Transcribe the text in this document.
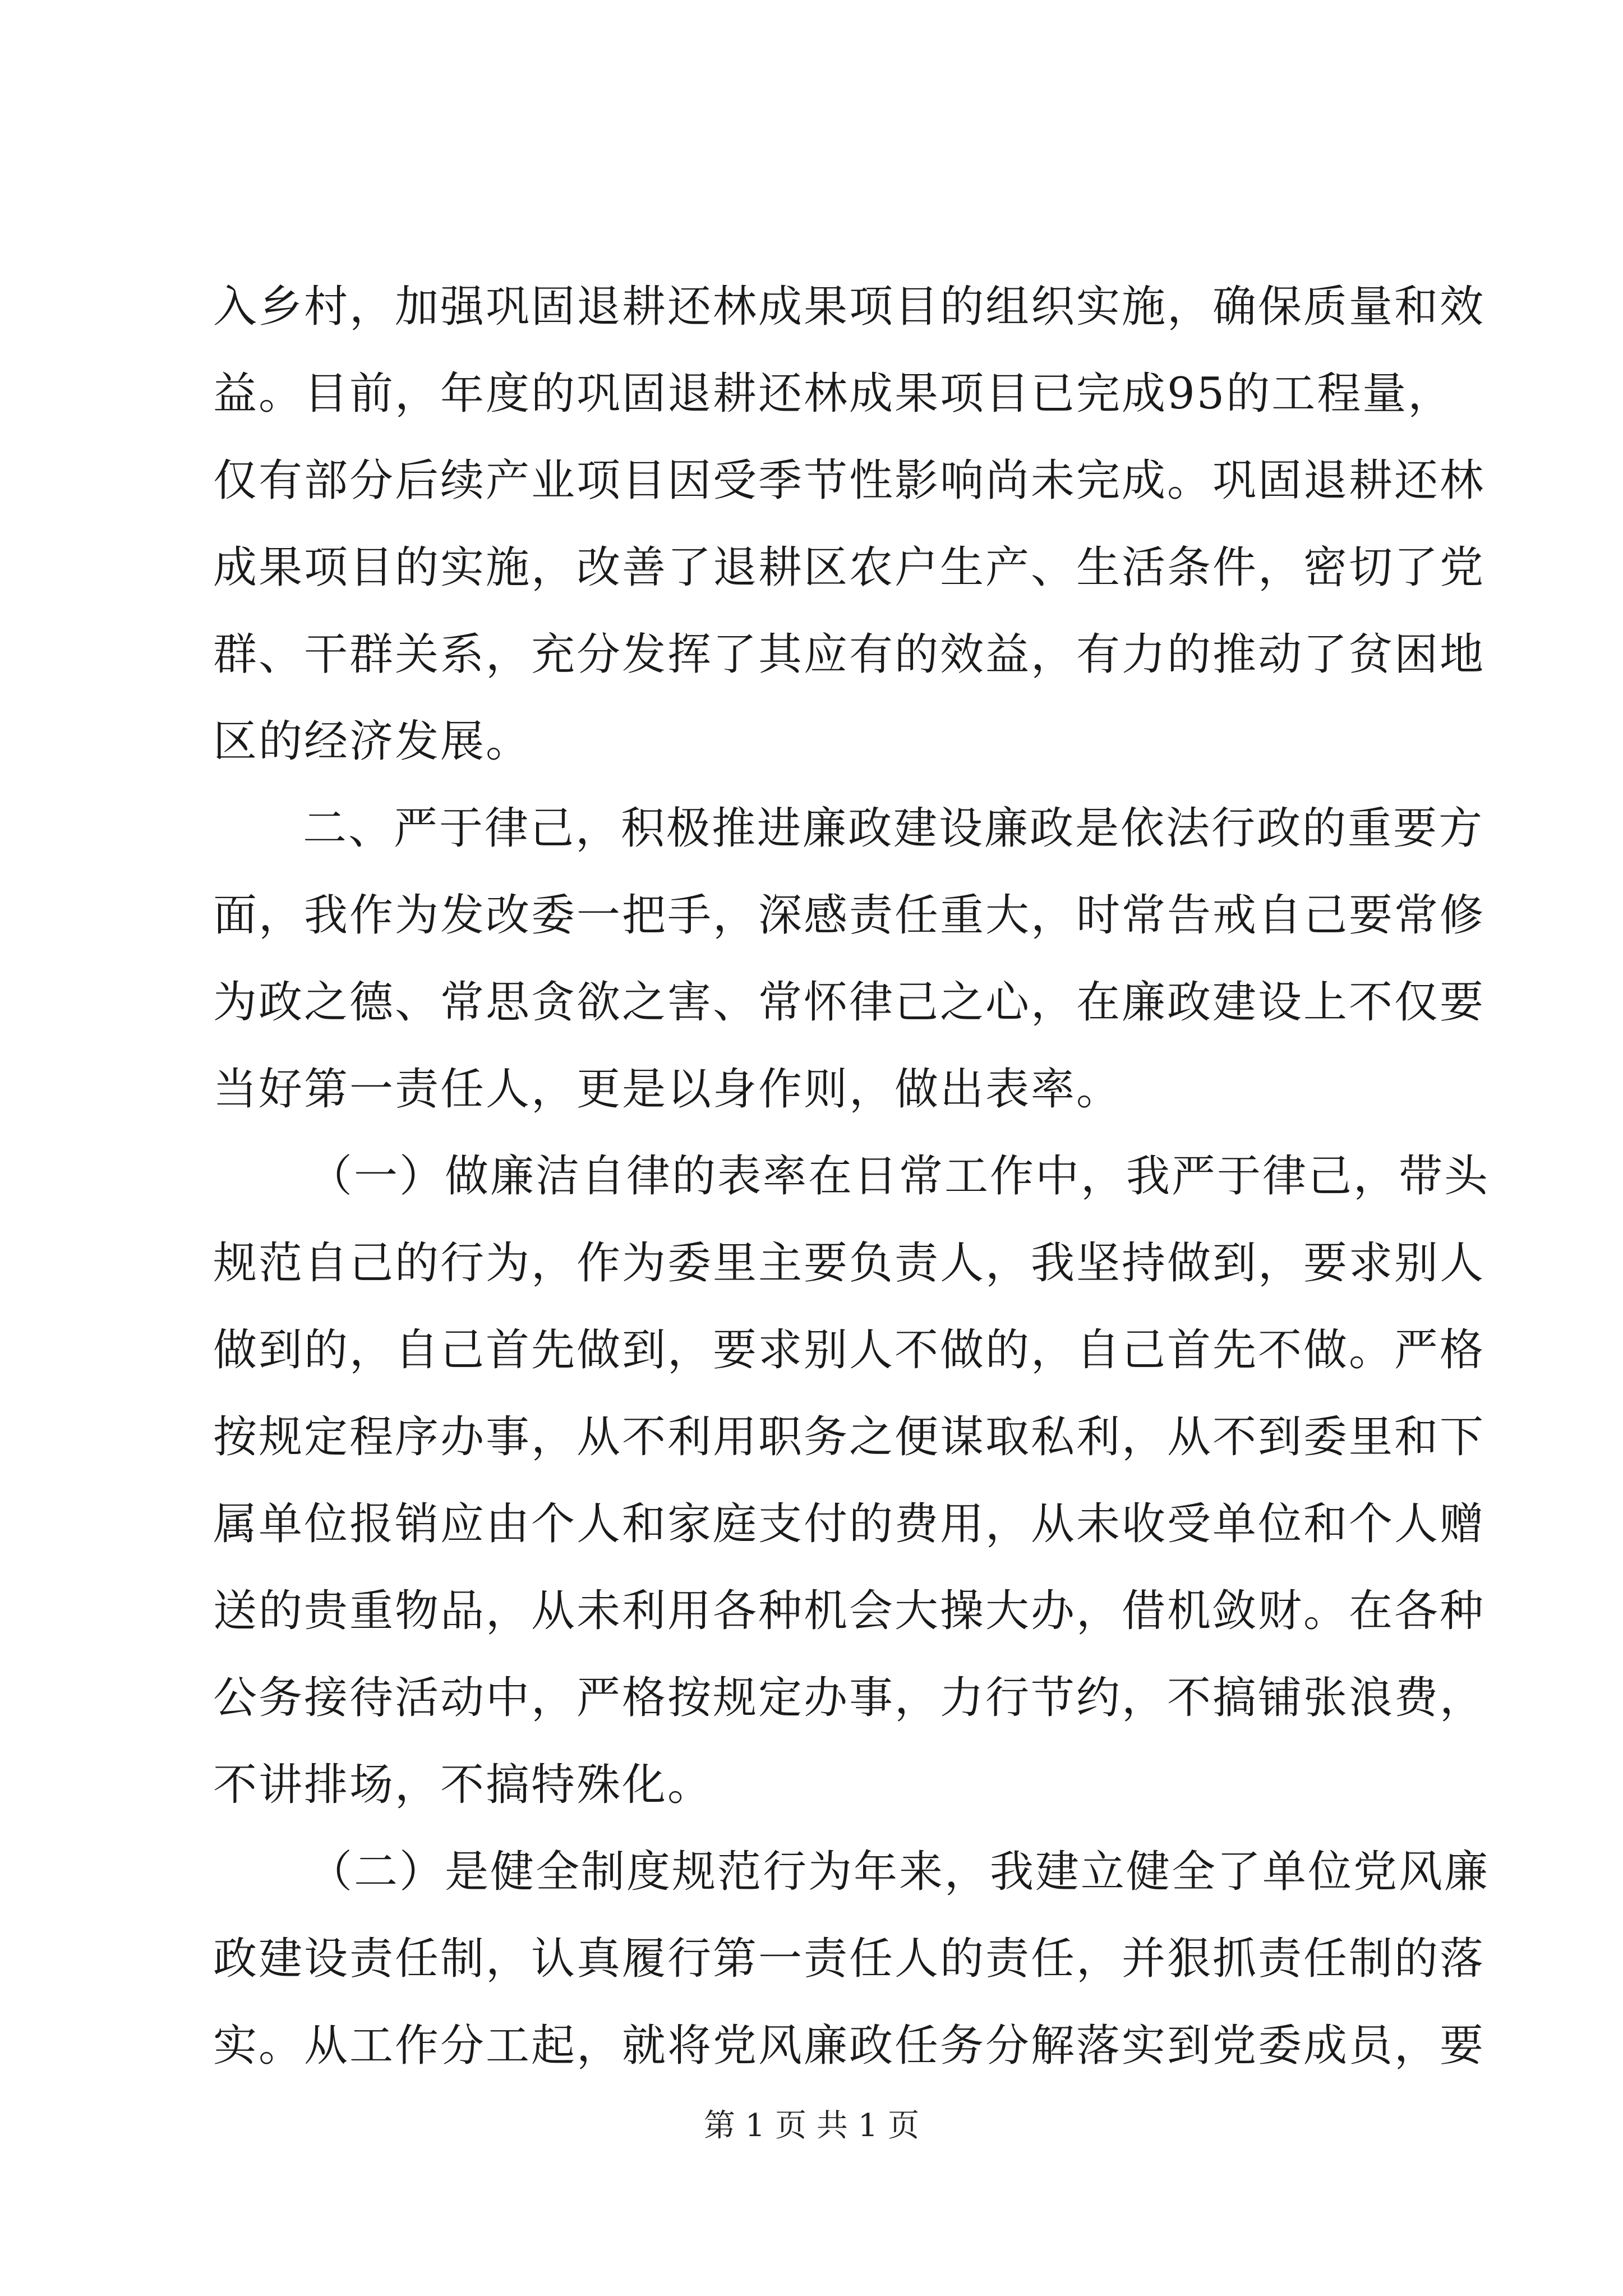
入乡村，加强巩固退耕还林成果项目的组织实施，确保质量和效
益。目前，年度的巩固退耕还林成果项目已完成95的工程量，
仅有部分后续产业项目因受季节性影响尚未完成。巩固退耕还林
成果项目的实施，改善了退耕区农户生产、生活条件，密切了党
群、干群关系，充分发挥了其应有的效益，有力的推动了贫困地
区的经济发展。
二、严于律己，积极推进廉政建设廉政是依法行政的重要方
面，我作为发改委一把手，深感责任重大，时常告戒自己要常修
为政之德、常思贪欲之害、常怀律己之心，在廉政建设上不仅要
当好第一责任人，更是以身作则，做出表率。
（一）做廉洁自律的表率在日常工作中，我严于律己，带头
规范自己的行为，作为委里主要负责人，我坚持做到，要求别人
做到的，自己首先做到，要求别人不做的，自己首先不做。严格
按规定程序办事，从不利用职务之便谋取私利，从不到委里和下
属单位报销应由个人和家庭支付的费用，从未收受单位和个人赠
送的贵重物品，从未利用各种机会大操大办，借机敛财。在各种
公务接待活动中，严格按规定办事，力行节约，不搞铺张浪费，
不讲排场，不搞特殊化。
（二）是健全制度规范行为年来，我建立健全了单位党风廉
政建设责任制，认真履行第一责任人的责任，并狠抓责任制的落
实。从工作分工起，就将党风廉政任务分解落实到党委成员，要
第 1 页 共 1 页
